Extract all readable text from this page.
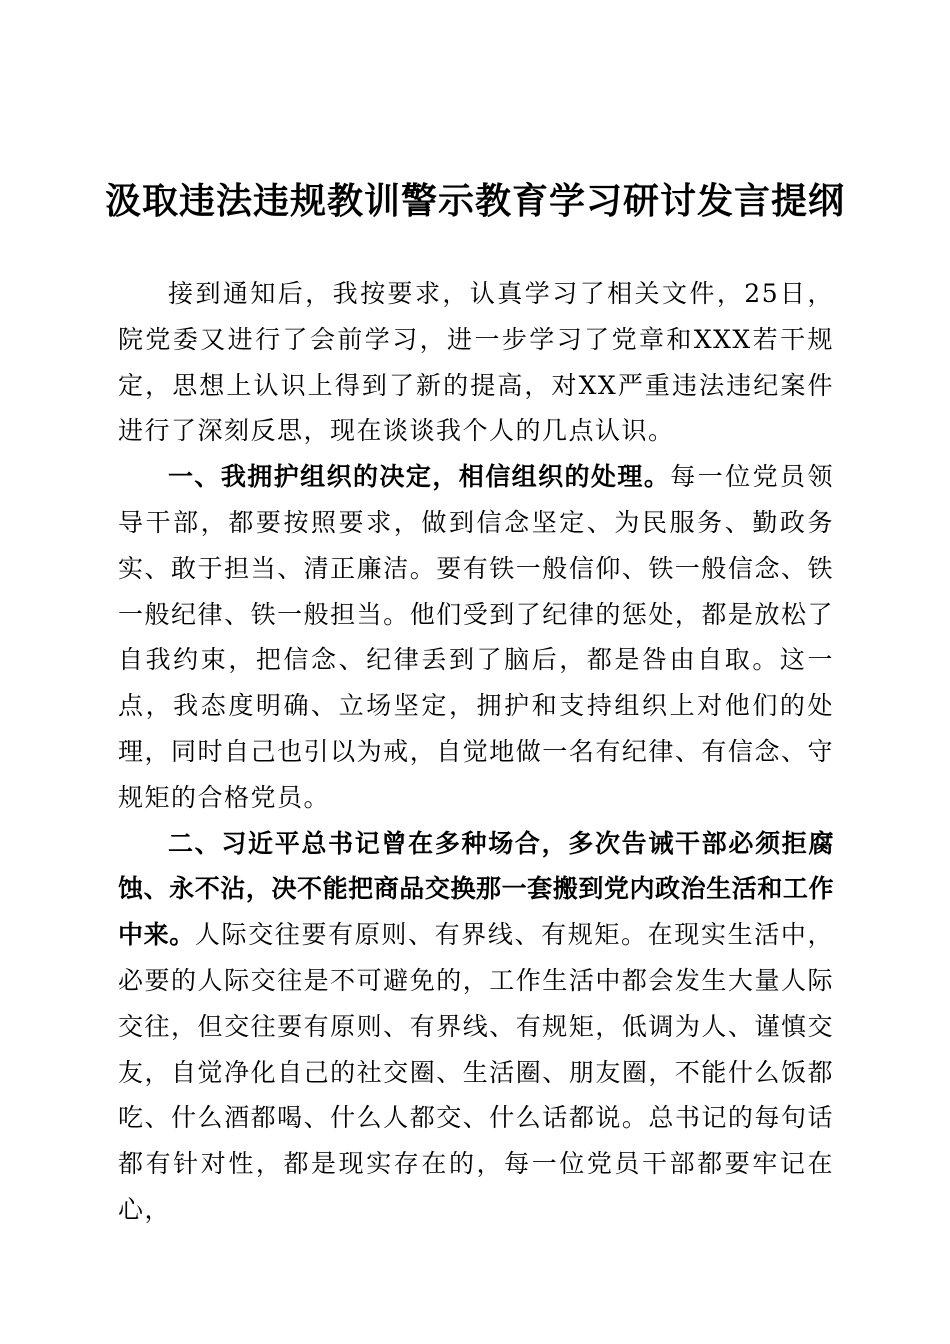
汲取违法违规教训警示教育学习研讨发言提纲

接到通知后，我按要求，认真学习了相关文件，25日，院党委又进行了会前学习，进一步学习了党章和XXX若干规定，思想上认识上得到了新的提高，对XX严重违法违纪案件进行了深刻反思，现在谈谈我个人的几点认识。

一、我拥护组织的决定，相信组织的处理。每一位党员领导干部，都要按照要求，做到信念坚定、为民服务、勤政务实、敢于担当、清正廉洁。要有铁一般信仰、铁一般信念、铁一般纪律、铁一般担当。他们受到了纪律的惩处，都是放松了自我约束，把信念、纪律丢到了脑后，都是咎由自取。这一点，我态度明确、立场坚定，拥护和支持组织上对他们的处理，同时自己也引以为戒，自觉地做一名有纪律、有信念、守规矩的合格党员。

二、习近平总书记曾在多种场合，多次告诫干部必须拒腐蚀、永不沾，决不能把商品交换那一套搬到党内政治生活和工作中来。人际交往要有原则、有界线、有规矩。在现实生活中，必要的人际交往是不可避免的，工作生活中都会发生大量人际交往，但交往要有原则、有界线、有规矩，低调为人、谨慎交友，自觉净化自己的社交圈、生活圈、朋友圈，不能什么饭都吃、什么酒都喝、什么人都交、什么话都说。总书记的每句话都有针对性，都是现实存在的，每一位党员干部都要牢记在心，
